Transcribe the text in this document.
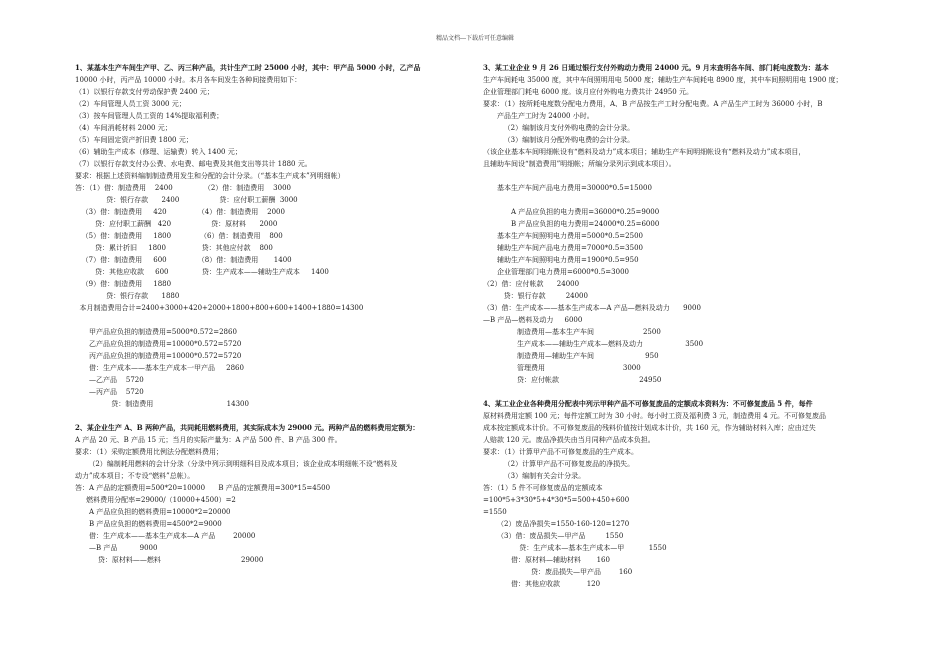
精品文档---下载后可任意编辑
1、某基本生产车间生产甲、乙、丙三种产品，共计生产工时 25000 小时，其中：甲产品 5000 小时，乙产品
10000 小时，丙产品 10000 小时。本月各车间发生各种间接费用如下：
（1）以银行存款支付劳动保护费 2400 元；
（2）车间管理人员工资 3000 元；
（3）按车间管理人员工资的 14%提取福利费；
（4）车间消耗材料 2000 元；
（5）车间固定资产折旧费 1800 元；
（6）辅助生产成本（修理、运输费）转入 1400 元；
（7）以银行存款支付办公费、水电费、邮电费及其他支出等共计 1880 元。
要求：根据上述资料编制制造费用发生和分配的会计分录。（“基本生产成本”列明细帐）
答：（1）借：制造费用    2400              （2）借：制造费用    3000
贷：银行存款      2400                  贷：应付职工薪酬  3000
（3）借：制造费用     420              （4）借：制造费用    2000
贷：应付职工薪酬   420                  贷：原材料      2000
（5）借：制造费用     1800             （6）借：制造费用    800
贷：累计折旧     1800                贷：其他应付款    800
（7）借：制造费用     600              （8）借：制造费用       1400
贷：其他应收款     600               贷：生产成本——辅助生产成本     1400
（9）借：制造费用     1880
贷：银行存款      1880
本月制造费用合计=2400+3000+420+2000+1800+800+600+1400+1880=14300
甲产品应负担的制造费用=5000*0.572=2860
乙产品应负担的制造费用=10000*0.572=5720
丙产品应负担的制造费用=10000*0.572=5720
借：生产成本——基本生产成本一甲产品     2860
—乙产品    5720
—丙产品    5720
贷：制造费用                                 14300
2、某企业生产 A、B 两种产品，共同耗用燃料费用，其实际成本为 29000 元。两种产品的燃料费用定额为：
A 产品 20 元、B 产品 15 元；当月的实际产量为：A 产品 500 件、B 产品 300 件。
要求：（1）采购定额费用比例法分配燃料费用；
（2）编制耗用燃料的会计分录（分录中列示到明细科目及成本项目；该企业成本明细帐不设“燃料及
动力”成本项目；不专设“燃料”总帐）。
答：A 产品的定额费用=500*20=10000      B 产品的定额费用=300*15=4500
燃料费用分配率=29000/（10000+4500）=2
A 产品应负担的燃料费用=10000*2=20000
B 产品应负担的燃料费用=4500*2=9000
借：生产成本——基本生产成本—A 产品        20000
—B 产品          9000
贷：原材料——燃料                                    29000
3、某工业企业 9 月 26 日通过银行支付外购动力费用 24000 元。9 月末查明各车间、部门耗电度数为：基本
生产车间耗电 35000 度，其中车间照明用电 5000 度；辅助生产车间耗电 8900 度，其中车间照明用电 1900 度；
企业管理部门耗电 6000 度。该月应付外购电力费共计 24950 元。
要求：（1）按所耗电度数分配电力费用，A、B 产品按生产工时分配电费。A 产品生产工时为 36000 小时，B
产品生产工时为 24000 小时。
（2）编制该月支付外购电费的会计分录。
（3）编制该月分配外购电费的会计分录。
（该企业基本车间明细帐设有“燃料及动力”成本项目；辅助生产车间明细帐设有“燃料及动力”成本项目，
且辅助车间设“制造费用”明细帐；所编分录列示到成本项目）。
基本生产车间产品电力费用=30000*0.5=15000
A 产品应负担的电力费用=36000*0.25=9000
B 产品应负担的电力费用=24000*0.25=6000
基本生产车间照明电力费用=5000*0.5=2500
辅助生产车间产品电力费用=7000*0.5=3500
辅助生产车间照明电力费用=1900*0.5=950
企业管理部门电力费用=6000*0.5=3000
（2）借：应付帐款      24000
贷：银行存款         24000
（3）借：生产成本——基本生产成本—A 产品—燃料及动力      9000
—B 产品—燃料及动力     6000
制造费用—基本生产车间                      2500
生产成本——辅助生产成本—燃料及动力                   3500
制造费用—辅助生产车间                       950
管理费用                                   3000
贷：应付帐款                                    24950
4、某工业企业各种费用分配表中列示甲种产品不可修复废品的定额成本资料为：不可修复废品 5 件，每件
原材料费用定额 100 元；每件定额工时为 30 小时。每小时工资及福利费 3 元，制造费用 4 元。不可修复废品
成本按定额成本计价。不可修复废品的残料价值按计划成本计价，共 160 元，作为辅助材料入库；应由过失
人赔款 120 元。废品净损失由当月同种产品成本负担。
要求：（1）计算甲产品不可修复废品的生产成本。
（2）计算甲产品不可修复废品的净损失。
（3）编制有关会计分录。
答：（1）5 件不可修复废品的定额成本
=100*5+3*30*5+4*30*5=500+450+600
=1550
（2）废品净损失=1550-160-120=1270
（3）借：废品损失—甲产品         1550
贷：生产成本—基本生产成本—甲           1550
借：原材料—辅助材料       160
贷：废品损失—甲产品        160
借：其他应收款            120
